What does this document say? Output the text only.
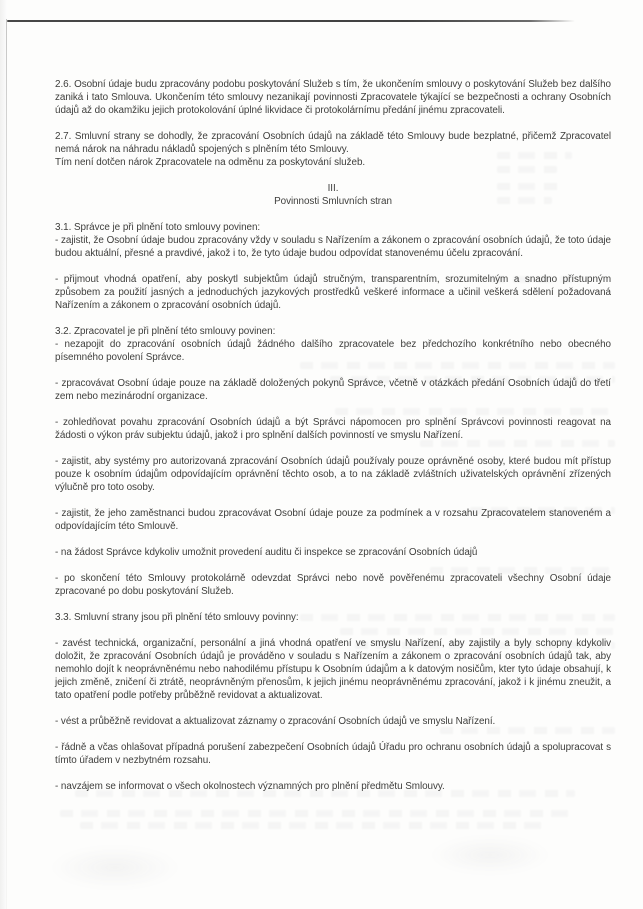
2.6. Osobní údaje budu zpracovány podobu poskytování Služeb s tím, že ukončením smlouvy o poskytování Služeb bez dalšího zaniká i tato Smlouva. Ukončením této smlouvy nezanikají povinnosti Zpracovatele týkající se bezpečnosti a ochrany Osobních údajů až do okamžiku jejich protokolování úplné likvidace či protokolárnímu předání jinému zpracovateli.

2.7. Smluvní strany se dohodly, že zpracování Osobních údajů na základě této Smlouvy bude bezplatné, přičemž Zpracovatel nemá nárok na náhradu nákladů spojených s plněním této Smlouvy.

Tím není dotčen nárok Zpracovatele na odměnu za poskytování služeb.

III.
Povinnosti Smluvních stran

3.1. Správce je při plnění toto smlouvy povinen:

- zajistit, že Osobní údaje budou zpracovány vždy v souladu s Nařízením a zákonem o zpracování osobních údajů, že toto údaje budou aktuální, přesné a pravdivé, jakož i to, že tyto údaje budou odpovídat stanovenému účelu zpracování.

- přijmout vhodná opatření, aby poskytl subjektům údajů stručným, transparentním, srozumitelným a snadno přístupným způsobem za použití jasných a jednoduchých jazykových prostředků veškeré informace a učinil veškerá sdělení požadovaná Nařízením a zákonem o zpracování osobních údajů.

3.2. Zpracovatel je při plnění této smlouvy povinen:

- nezapojit do zpracování osobních údajů žádného dalšího zpracovatele bez předchozího konkrétního nebo obecného písemného povolení Správce.

- zpracovávat Osobní údaje pouze na základě doložených pokynů Správce, včetně v otázkách předání Osobních údajů do třetí zem nebo mezinárodní organizace.

- zohledňovat povahu zpracování Osobních údajů a být Správci nápomocen pro splnění Správcovi povinnosti reagovat na žádosti o výkon práv subjektu údajů, jakož i pro splnění dalších povinností ve smyslu Nařízení.

- zajistit, aby systémy pro autorizovaná zpracování Osobních údajů používaly pouze oprávněné osoby, které budou mít přístup pouze k osobním údajům odpovídajícím oprávnění těchto osob, a to na základě zvláštních uživatelských oprávnění zřízených výlučně pro toto osoby.

- zajistit, že jeho zaměstnanci budou zpracovávat Osobní údaje pouze za podmínek a v rozsahu Zpracovatelem stanoveném a odpovídajícím této Smlouvě.

- na žádost Správce kdykoliv umožnit provedení auditu či inspekce se zpracování Osobních údajů

- po skončení této Smlouvy protokolárně odevzdat Správci nebo nově pověřenému zpracovateli všechny Osobní údaje zpracované po dobu poskytování Služeb.

3.3. Smluvní strany jsou při plnění této smlouvy povinny:

- zavést technická, organizační, personální a jiná vhodná opatření ve smyslu Nařízení, aby zajistily a byly schopny kdykoliv doložit, že zpracování Osobních údajů je prováděno v souladu s Nařízením a zákonem o zpracování osobních údajů tak, aby nemohlo dojít k neoprávněnému nebo nahodilému přístupu k Osobním údajům a k datovým nosičům, kter tyto údaje obsahují, k jejich změně, zničení či ztrátě, neoprávněným přenosům, k jejich jinému neoprávněnému zpracování, jakož i k jinému zneužit, a tato opatření podle potřeby průběžně revidovat a aktualizovat.

- vést a průběžně revidovat a aktualizovat záznamy o zpracování Osobních údajů ve smyslu Nařízení.

- řádně a včas ohlašovat případná porušení zabezpečení Osobních údajů Úřadu pro ochranu osobních údajů a spolupracovat s tímto úřadem v nezbytném rozsahu.

- navzájem se informovat o všech okolnostech významných pro plnění předmětu Smlouvy.
